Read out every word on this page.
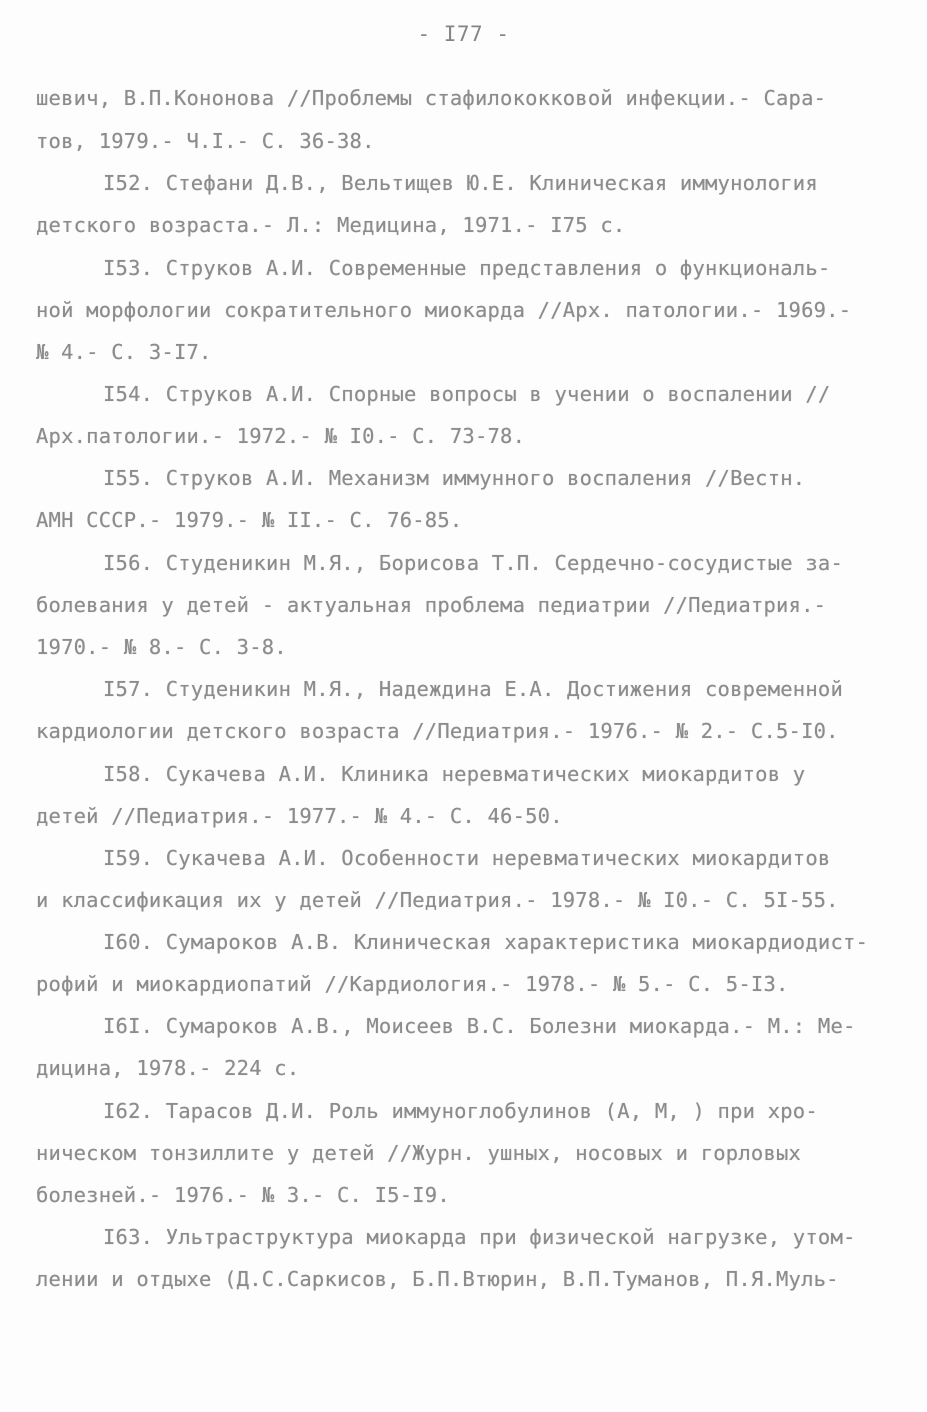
- I77 -
шевич, В.П.Кононова //Проблемы стафилококковой инфекции.- Сара-
тов, 1979.- Ч.I.- С. 36-38.
I52. Стефани Д.В., Вельтищев Ю.Е. Клиническая иммунология
детского возраста.- Л.: Медицина, 1971.- I75 с.
I53. Струков А.И. Современные представления о функциональ-
ной морфологии сократительного миокарда //Арх. патологии.- 1969.-
№ 4.- С. 3-I7.
I54. Струков А.И. Спорные вопросы в учении о воспалении //
Арх.патологии.- 1972.- № I0.- С. 73-78.
I55. Струков А.И. Механизм иммунного воспаления //Вестн.
АМН СССР.- 1979.- № II.- С. 76-85.
I56. Студеникин М.Я., Борисова Т.П. Сердечно-сосудистые за-
болевания у детей - актуальная проблема педиатрии //Педиатрия.-
1970.- № 8.- С. 3-8.
I57. Студеникин М.Я., Надеждина Е.А. Достижения современной
кардиологии детского возраста //Педиатрия.- 1976.- № 2.- С.5-I0.
I58. Сукачева А.И. Клиника неревматических миокардитов у
детей //Педиатрия.- 1977.- № 4.- С. 46-50.
I59. Сукачева А.И. Особенности неревматических миокардитов
и классификация их у детей //Педиатрия.- 1978.- № I0.- С. 5I-55.
I60. Сумароков А.В. Клиническая характеристика миокардиодист-
рофий и миокардиопатий //Кардиология.- 1978.- № 5.- С. 5-I3.
I6I. Сумароков А.В., Моисеев В.С. Болезни миокарда.- М.: Ме-
дицина, 1978.- 224 с.
I62. Тарасов Д.И. Роль иммуноглобулинов (А, М, ) при хро-
ническом тонзиллите у детей //Журн. ушных, носовых и горловых
болезней.- 1976.- № 3.- С. I5-I9.
I63. Ультраструктура миокарда при физической нагрузке, утом-
лении и отдыхе (Д.С.Саркисов, Б.П.Втюрин, В.П.Туманов, П.Я.Муль-
